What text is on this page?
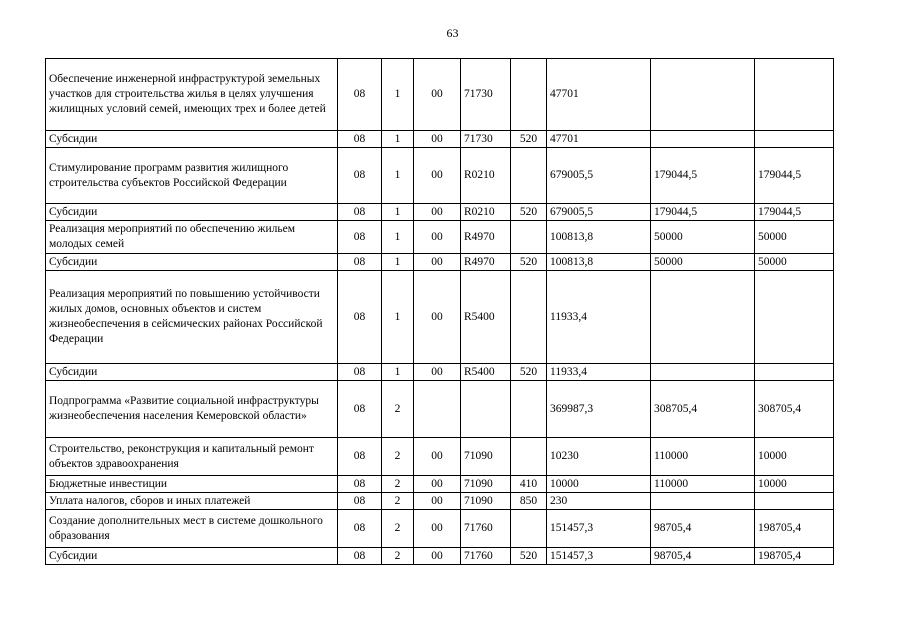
63
Обеспечение инженерной инфраструктурой земельных участков для строительства жилья в целях улучшения жилищных условий семей, имеющих трех и более детей	08	1	00	71730		47701		
Субсидии	08	1	00	71730	520	47701		
Стимулирование программ развития жилищного строительства субъектов Российской Федерации	08	1	00	R0210		679005,5	179044,5	179044,5
Субсидии	08	1	00	R0210	520	679005,5	179044,5	179044,5
Реализация мероприятий по обеспечению жильем молодых семей	08	1	00	R4970		100813,8	50000	50000
Субсидии	08	1	00	R4970	520	100813,8	50000	50000
Реализация мероприятий по повышению устойчивости жилых домов, основных объектов и систем жизнеобеспечения в сейсмических районах Российской Федерации	08	1	00	R5400		11933,4		
Субсидии	08	1	00	R5400	520	11933,4		
Подпрограмма «Развитие социальной инфраструктуры жизнеобеспечения населения Кемеровской области»	08	2				369987,3	308705,4	308705,4
Строительство, реконструкция и капитальный ремонт объектов здравоохранения	08	2	00	71090		10230	110000	10000
Бюджетные инвестиции	08	2	00	71090	410	10000	110000	10000
Уплата налогов, сборов и иных платежей	08	2	00	71090	850	230		
Создание дополнительных мест в системе дошкольного образования	08	2	00	71760		151457,3	98705,4	198705,4
Субсидии	08	2	00	71760	520	151457,3	98705,4	198705,4
